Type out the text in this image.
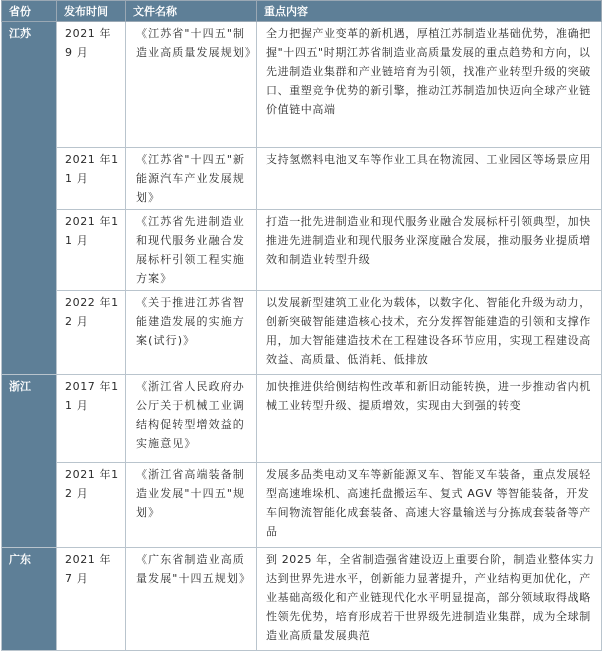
省份	发布时间	文件名称	重点内容
江苏	2021 年 9 月	《江苏省"十四五"制造业高质量发展规划》	全力把握产业变革的新机遇，厚植江苏制造业基础优势，准确把握"十四五"时期江苏省制造业高质量发展的重点趋势和方向，以先进制造业集群和产业链培育为引领，找准产业转型升级的突破口、重塑竞争优势的新引擎，推动江苏制造加快迈向全球产业链价值链中高端
	2021 年11 月	《江苏省"十四五"新能源汽车产业发展规划》	支持氢燃料电池叉车等作业工具在物流园、工业园区等场景应用
	2021 年11 月	《江苏省先进制造业和现代服务业融合发展标杆引领工程实施方案》	打造一批先进制造业和现代服务业融合发展标杆引领典型，加快推进先进制造业和现代服务业深度融合发展，推动服务业提质增效和制造业转型升级
	2022 年12 月	《关于推进江苏省智能建造发展的实施方案(试行)》	以发展新型建筑工业化为载体，以数字化、智能化升级为动力，创新突破智能建造核心技术，充分发挥智能建造的引领和支撑作用，加大智能建造技术在工程建设各环节应用，实现工程建设高效益、高质量、低消耗、低排放
浙江	2017 年11 月	《浙江省人民政府办公厅关于机械工业调结构促转型增效益的实施意见》	加快推进供给侧结构性改革和新旧动能转换，进一步推动省内机械工业转型升级、提质增效，实现由大到强的转变
	2021 年12 月	《浙江省高端装备制造业发展"十四五"规划》	发展多品类电动叉车等新能源叉车、智能叉车装备，重点发展轻型高速堆垛机、高速托盘搬运车、复式 AGV 等智能装备，开发车间物流智能化成套装备、高速大容量输送与分拣成套装备等产品
广东	2021 年 7 月	《广东省制造业高质量发展"十四五规划》	到 2025 年，全省制造强省建设迈上重要台阶，制造业整体实力达到世界先进水平，创新能力显著提升，产业结构更加优化，产业基础高级化和产业链现代化水平明显提高，部分领域取得战略性领先优势，培育形成若干世界级先进制造业集群，成为全球制造业高质量发展典范
